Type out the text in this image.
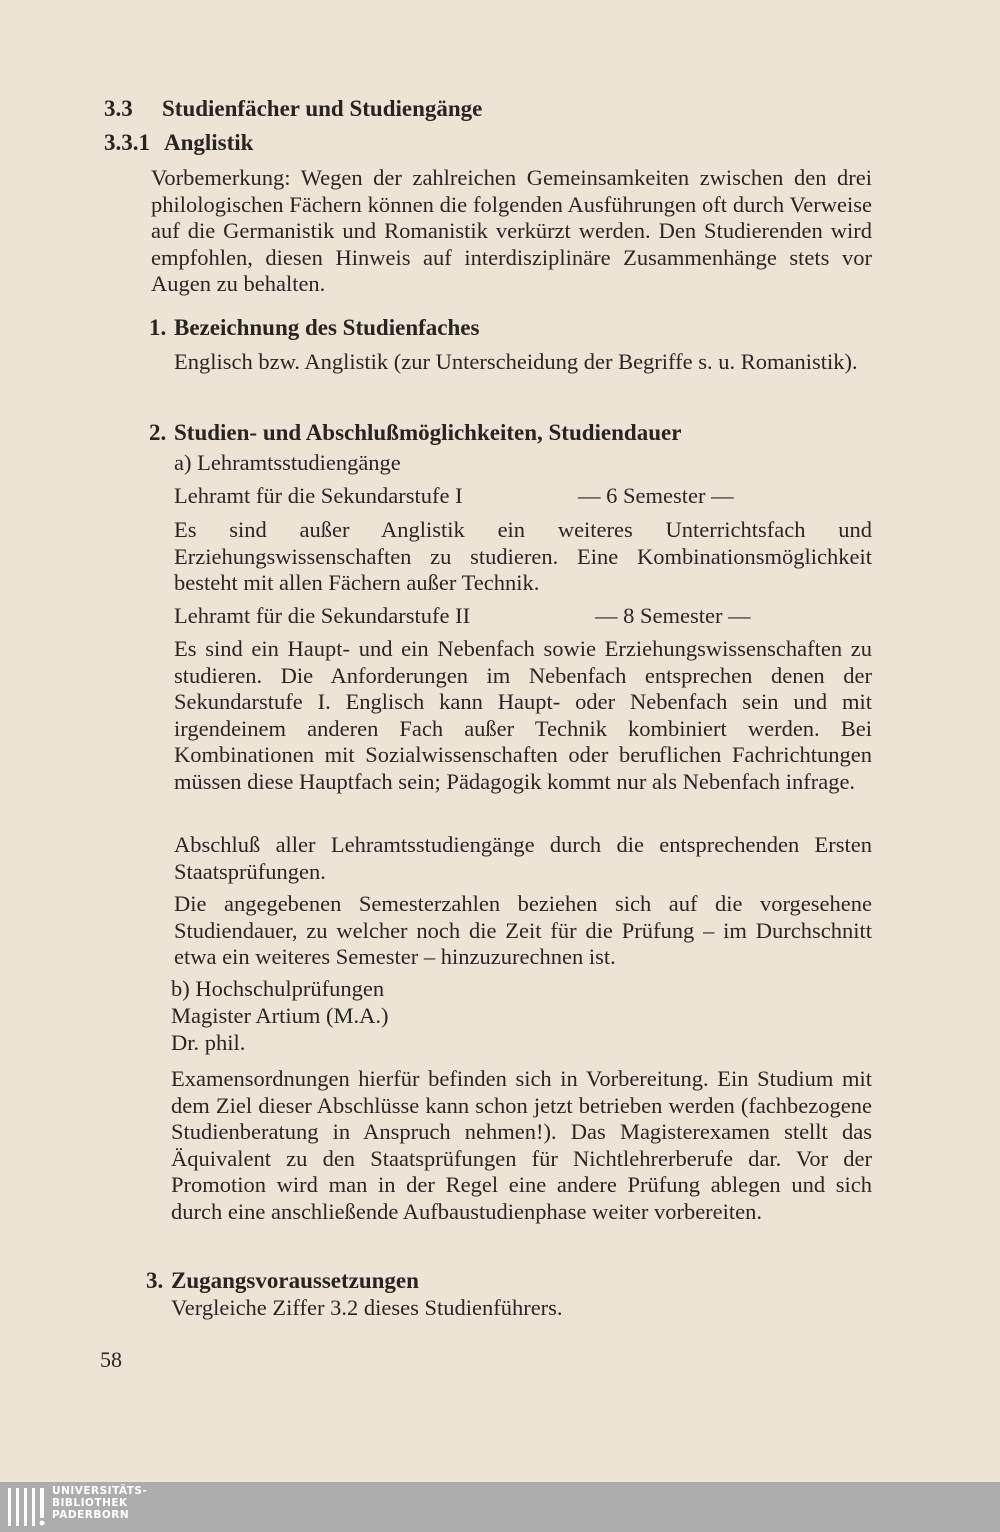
3.3 Studienfächer und Studiengänge
3.3.1 Anglistik
Vorbemerkung: Wegen der zahlreichen Gemeinsamkeiten zwischen den drei philologischen Fächern können die folgenden Ausführungen oft durch Verweise auf die Germanistik und Romanistik verkürzt werden. Den Studierenden wird empfohlen, diesen Hinweis auf interdisziplinäre Zusammenhänge stets vor Augen zu behalten.
1. Bezeichnung des Studienfaches
Englisch bzw. Anglistik (zur Unterscheidung der Begriffe s. u. Romanistik).
2. Studien- und Abschlußmöglichkeiten, Studiendauer
a) Lehramtsstudiengänge
Lehramt für die Sekundarstufe I	— 6 Semester —
Es sind außer Anglistik ein weiteres Unterrichtsfach und Erziehungswissenschaften zu studieren. Eine Kombinationsmöglichkeit besteht mit allen Fächern außer Technik.
Lehramt für die Sekundarstufe II	— 8 Semester —
Es sind ein Haupt- und ein Nebenfach sowie Erziehungswissenschaften zu studieren. Die Anforderungen im Nebenfach entsprechen denen der Sekundarstufe I. Englisch kann Haupt- oder Nebenfach sein und mit irgendeinem anderen Fach außer Technik kombiniert werden. Bei Kombinationen mit Sozialwissenschaften oder beruflichen Fachrichtungen müssen diese Hauptfach sein; Pädagogik kommt nur als Nebenfach infrage.
Abschluß aller Lehramtsstudiengänge durch die entsprechenden Ersten Staatsprüfungen.
Die angegebenen Semesterzahlen beziehen sich auf die vorgesehene Studiendauer, zu welcher noch die Zeit für die Prüfung – im Durchschnitt etwa ein weiteres Semester – hinzuzurechnen ist.
b) Hochschulprüfungen
Magister Artium (M.A.)
Dr. phil.
Examensordnungen hierfür befinden sich in Vorbereitung. Ein Studium mit dem Ziel dieser Abschlüsse kann schon jetzt betrieben werden (fachbezogene Studienberatung in Anspruch nehmen!). Das Magisterexamen stellt das Äquivalent zu den Staatsprüfungen für Nichtlehrerberufe dar. Vor der Promotion wird man in der Regel eine andere Prüfung ablegen und sich durch eine anschließende Aufbaustudienphase weiter vorbereiten.
3. Zugangsvoraussetzungen
Vergleiche Ziffer 3.2 dieses Studienführers.
58
UNIVERSITÄTS-
BIBLIOTHEK
PADERBORN
